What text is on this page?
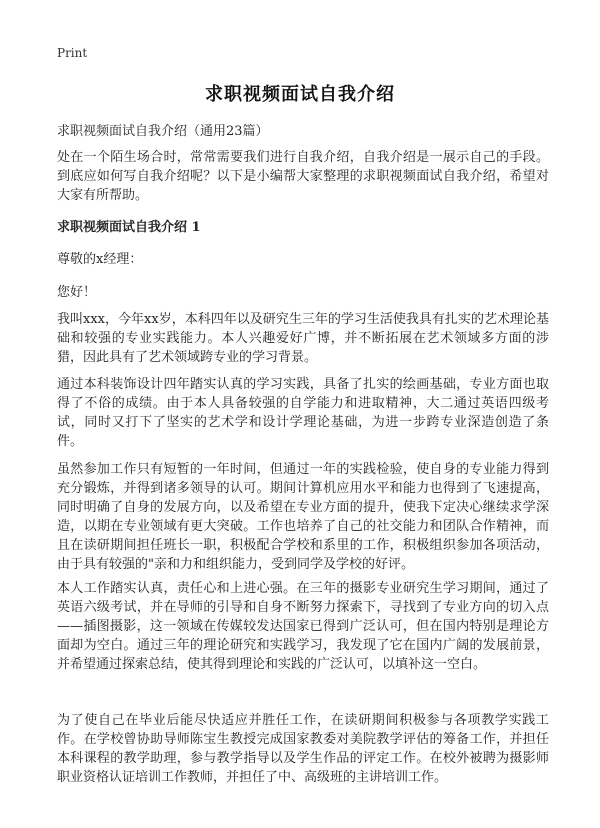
Print
求职视频面试自我介绍
求职视频面试自我介绍（通用23篇）

处在一个陌生场合时，常常需要我们进行自我介绍，自我介绍是一展示自己的手段。到底应如何写自我介绍呢？以下是小编帮大家整理的求职视频面试自我介绍，希望对大家有所帮助。

求职视频面试自我介绍 1
尊敬的x经理：
您好！

我叫xxx，今年xx岁，本科四年以及研究生三年的学习生活使我具有扎实的艺术理论基础和较强的专业实践能力。本人兴趣爱好广博，并不断拓展在艺术领域多方面的涉猎，因此具有了艺术领域跨专业的学习背景。

通过本科装饰设计四年踏实认真的学习实践，具备了扎实的绘画基础，专业方面也取得了不俗的成绩。由于本人具备较强的自学能力和进取精神，大二通过英语四级考试，同时又打下了坚实的艺术学和设计学理论基础，为进一步跨专业深造创造了条件。

虽然参加工作只有短暂的一年时间，但通过一年的实践检验，使自身的专业能力得到充分锻炼，并得到诸多领导的认可。期间计算机应用水平和能力也得到了飞速提高，同时明确了自身的发展方向，以及希望在专业方面的提升，使我下定决心继续求学深造，以期在专业领域有更大突破。工作也培养了自己的社交能力和团队合作精神，而且在读研期间担任班长一职，积极配合学校和系里的工作，积极组织参加各项活动，由于具有较强的"亲和力和组织能力，受到同学及学校的好评。

本人工作踏实认真，责任心和上进心强。在三年的摄影专业研究生学习期间，通过了英语六级考试，并在导师的引导和自身不断努力探索下，寻找到了专业方向的切入点——插图摄影，这一领域在传媒较发达国家已得到广泛认可，但在国内特别是理论方面却为空白。通过三年的理论研究和实践学习，我发现了它在国内广阔的发展前景，并希望通过探索总结，使其得到理论和实践的广泛认可，以填补这一空白。

为了使自己在毕业后能尽快适应并胜任工作，在读研期间积极参与各项教学实践工作。在学校曾协助导师陈宝生教授完成国家教委对美院教学评估的筹备工作，并担任本科课程的教学助理，参与教学指导以及学生作品的评定工作。在校外被聘为摄影师职业资格认证培训工作教师，并担任了中、高级班的主讲培训工作。
